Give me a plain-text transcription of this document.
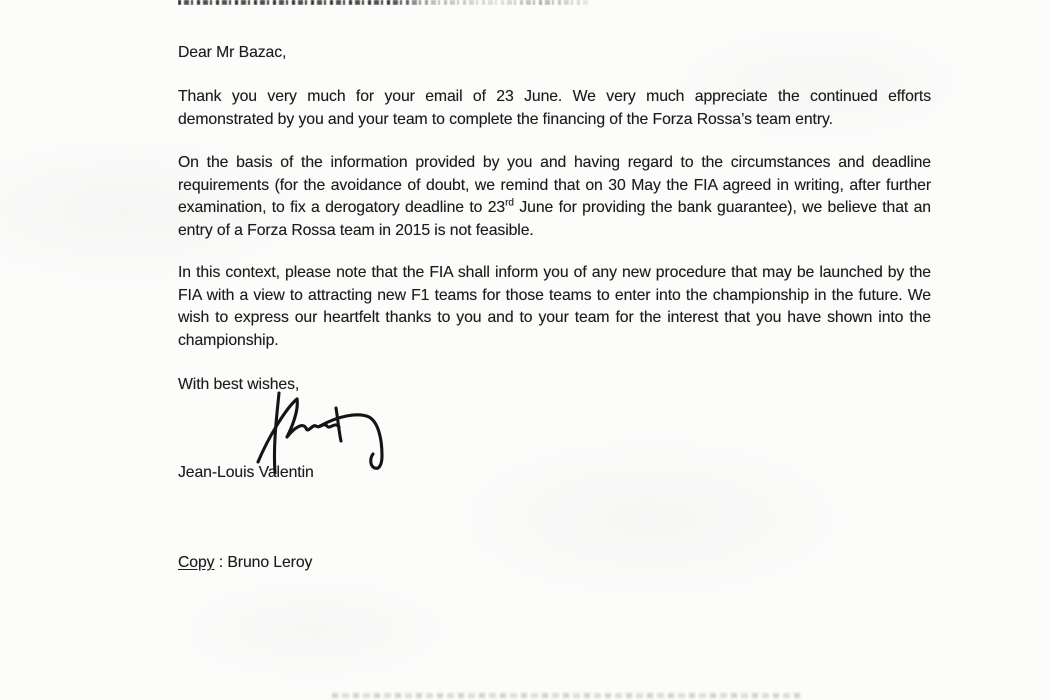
Dear Mr Bazac,
Thank you very much for your email of 23 June. We very much appreciate the continued efforts demonstrated by you and your team to complete the financing of the Forza Rossa’s team entry.
On the basis of the information provided by you and having regard to the circumstances and deadline requirements (for the avoidance of doubt, we remind that on 30 May the FIA agreed in writing, after further examination, to fix a derogatory deadline to 23rd June for providing the bank guarantee), we believe that an entry of a Forza Rossa team in 2015 is not feasible.
In this context, please note that the FIA shall inform you of any new procedure that may be launched by the FIA with a view to attracting new F1 teams for those teams to enter into the championship in the future. We wish to express our heartfelt thanks to you and to your team for the interest that you have shown into the championship.
With best wishes,
Jean-Louis Valentin
Copy : Bruno Leroy
